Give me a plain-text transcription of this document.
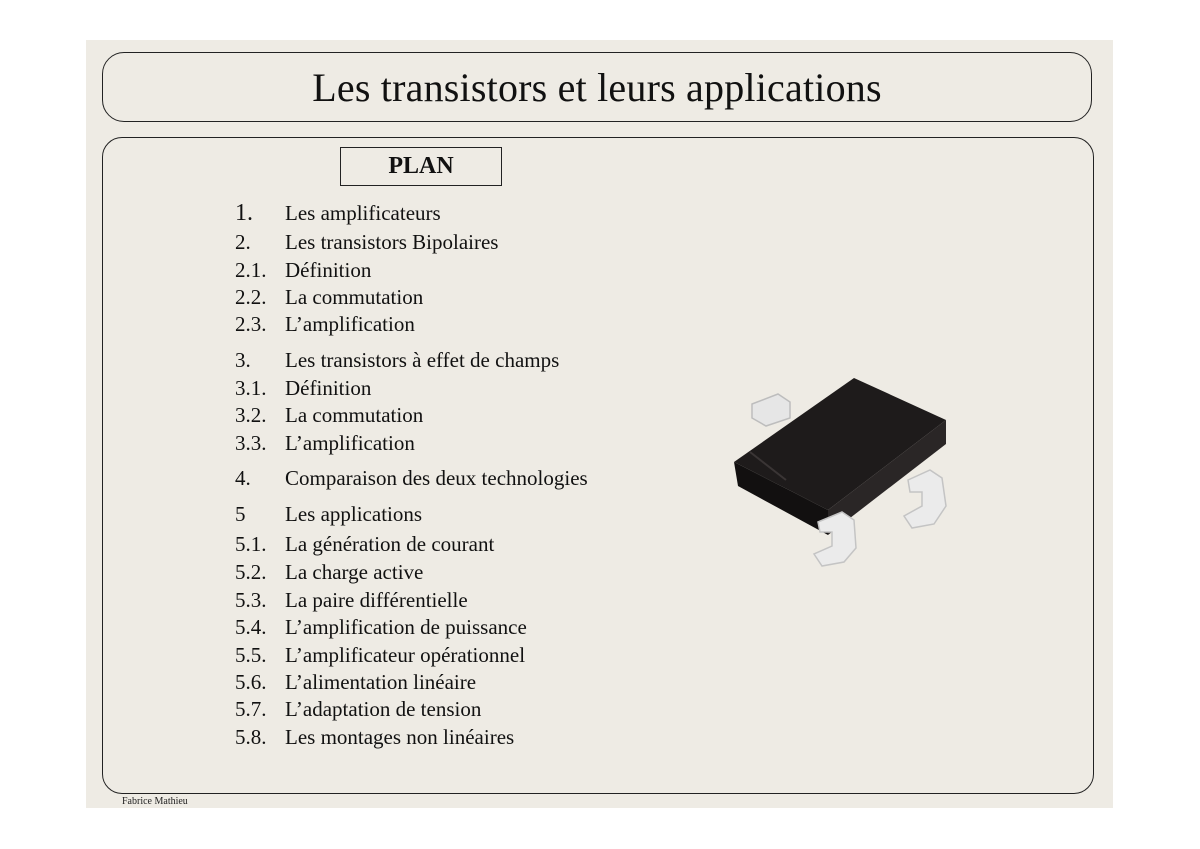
Les transistors et leurs applications
PLAN
1.	Les amplificateurs
2.	Les transistors Bipolaires
2.1. Définition
2.2. La commutation
2.3. L’amplification
3.	Les transistors à effet de champs
3.1. Définition
3.2. La commutation
3.3. L’amplification
4.	Comparaison des deux technologies
5	Les applications
5.1. La génération de courant
5.2. La charge active
5.3. La paire différentielle
5.4. L’amplification de puissance
5.5. L’amplificateur opérationnel
5.6. L’alimentation linéaire
5.7. L’adaptation de tension
5.8. Les montages non linéaires
Fabrice Mathieu
